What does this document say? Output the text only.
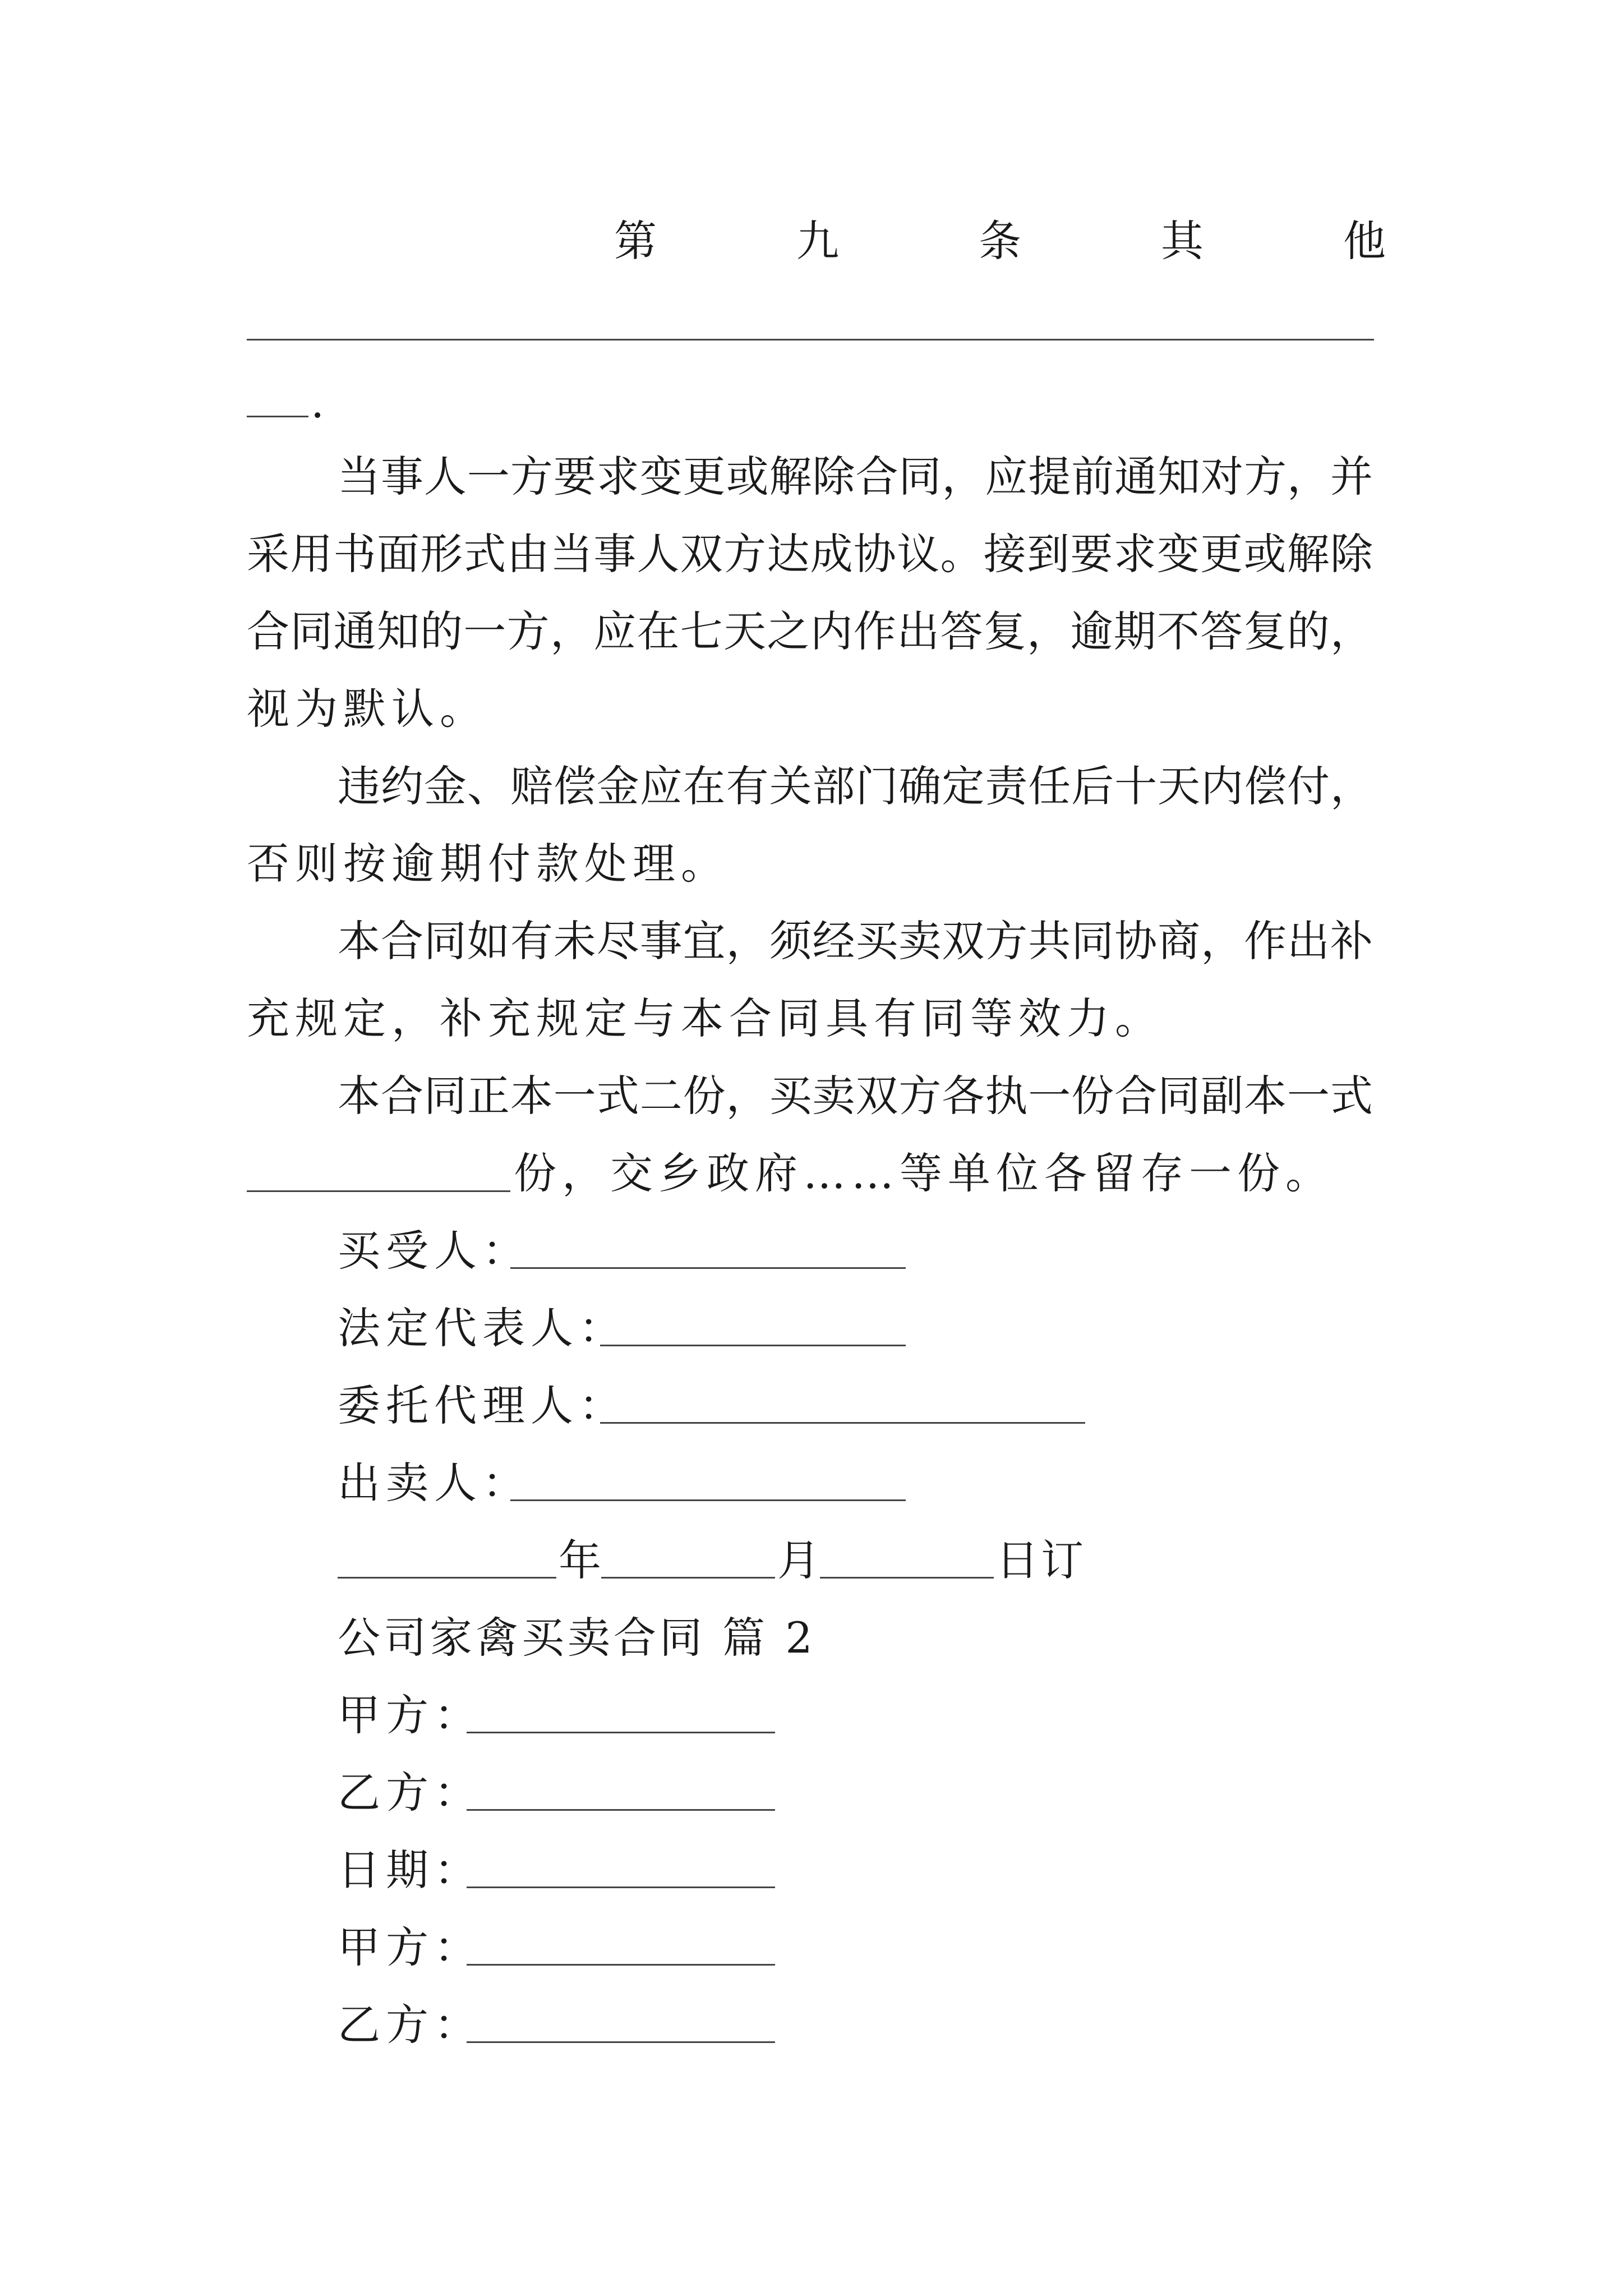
第	九	条	其	他
.

当事人一方要求变更或解除合同，应提前通知对方，并

采用书面形式由当事人双方达成协议。接到要求变更或解除

合同通知的一方，应在七天之内作出答复，逾期不答复的，

视为默认。

违约金、赔偿金应在有关部门确定责任后十天内偿付，

否则按逾期付款处理。

本合同如有未尽事宜，须经买卖双方共同协商，作出补

充规定，补充规定与本合同具有同等效力。

本合同正本一式二份，买卖双方各执一份合同副本一式

份，交乡政府……等单位各留存一份。

买受人：
法定代表人：
委托代理人：
出卖人：
年	月	日订
公司家禽买卖合同 篇 2
甲方：
乙方：
日期：
甲方：
乙方：
